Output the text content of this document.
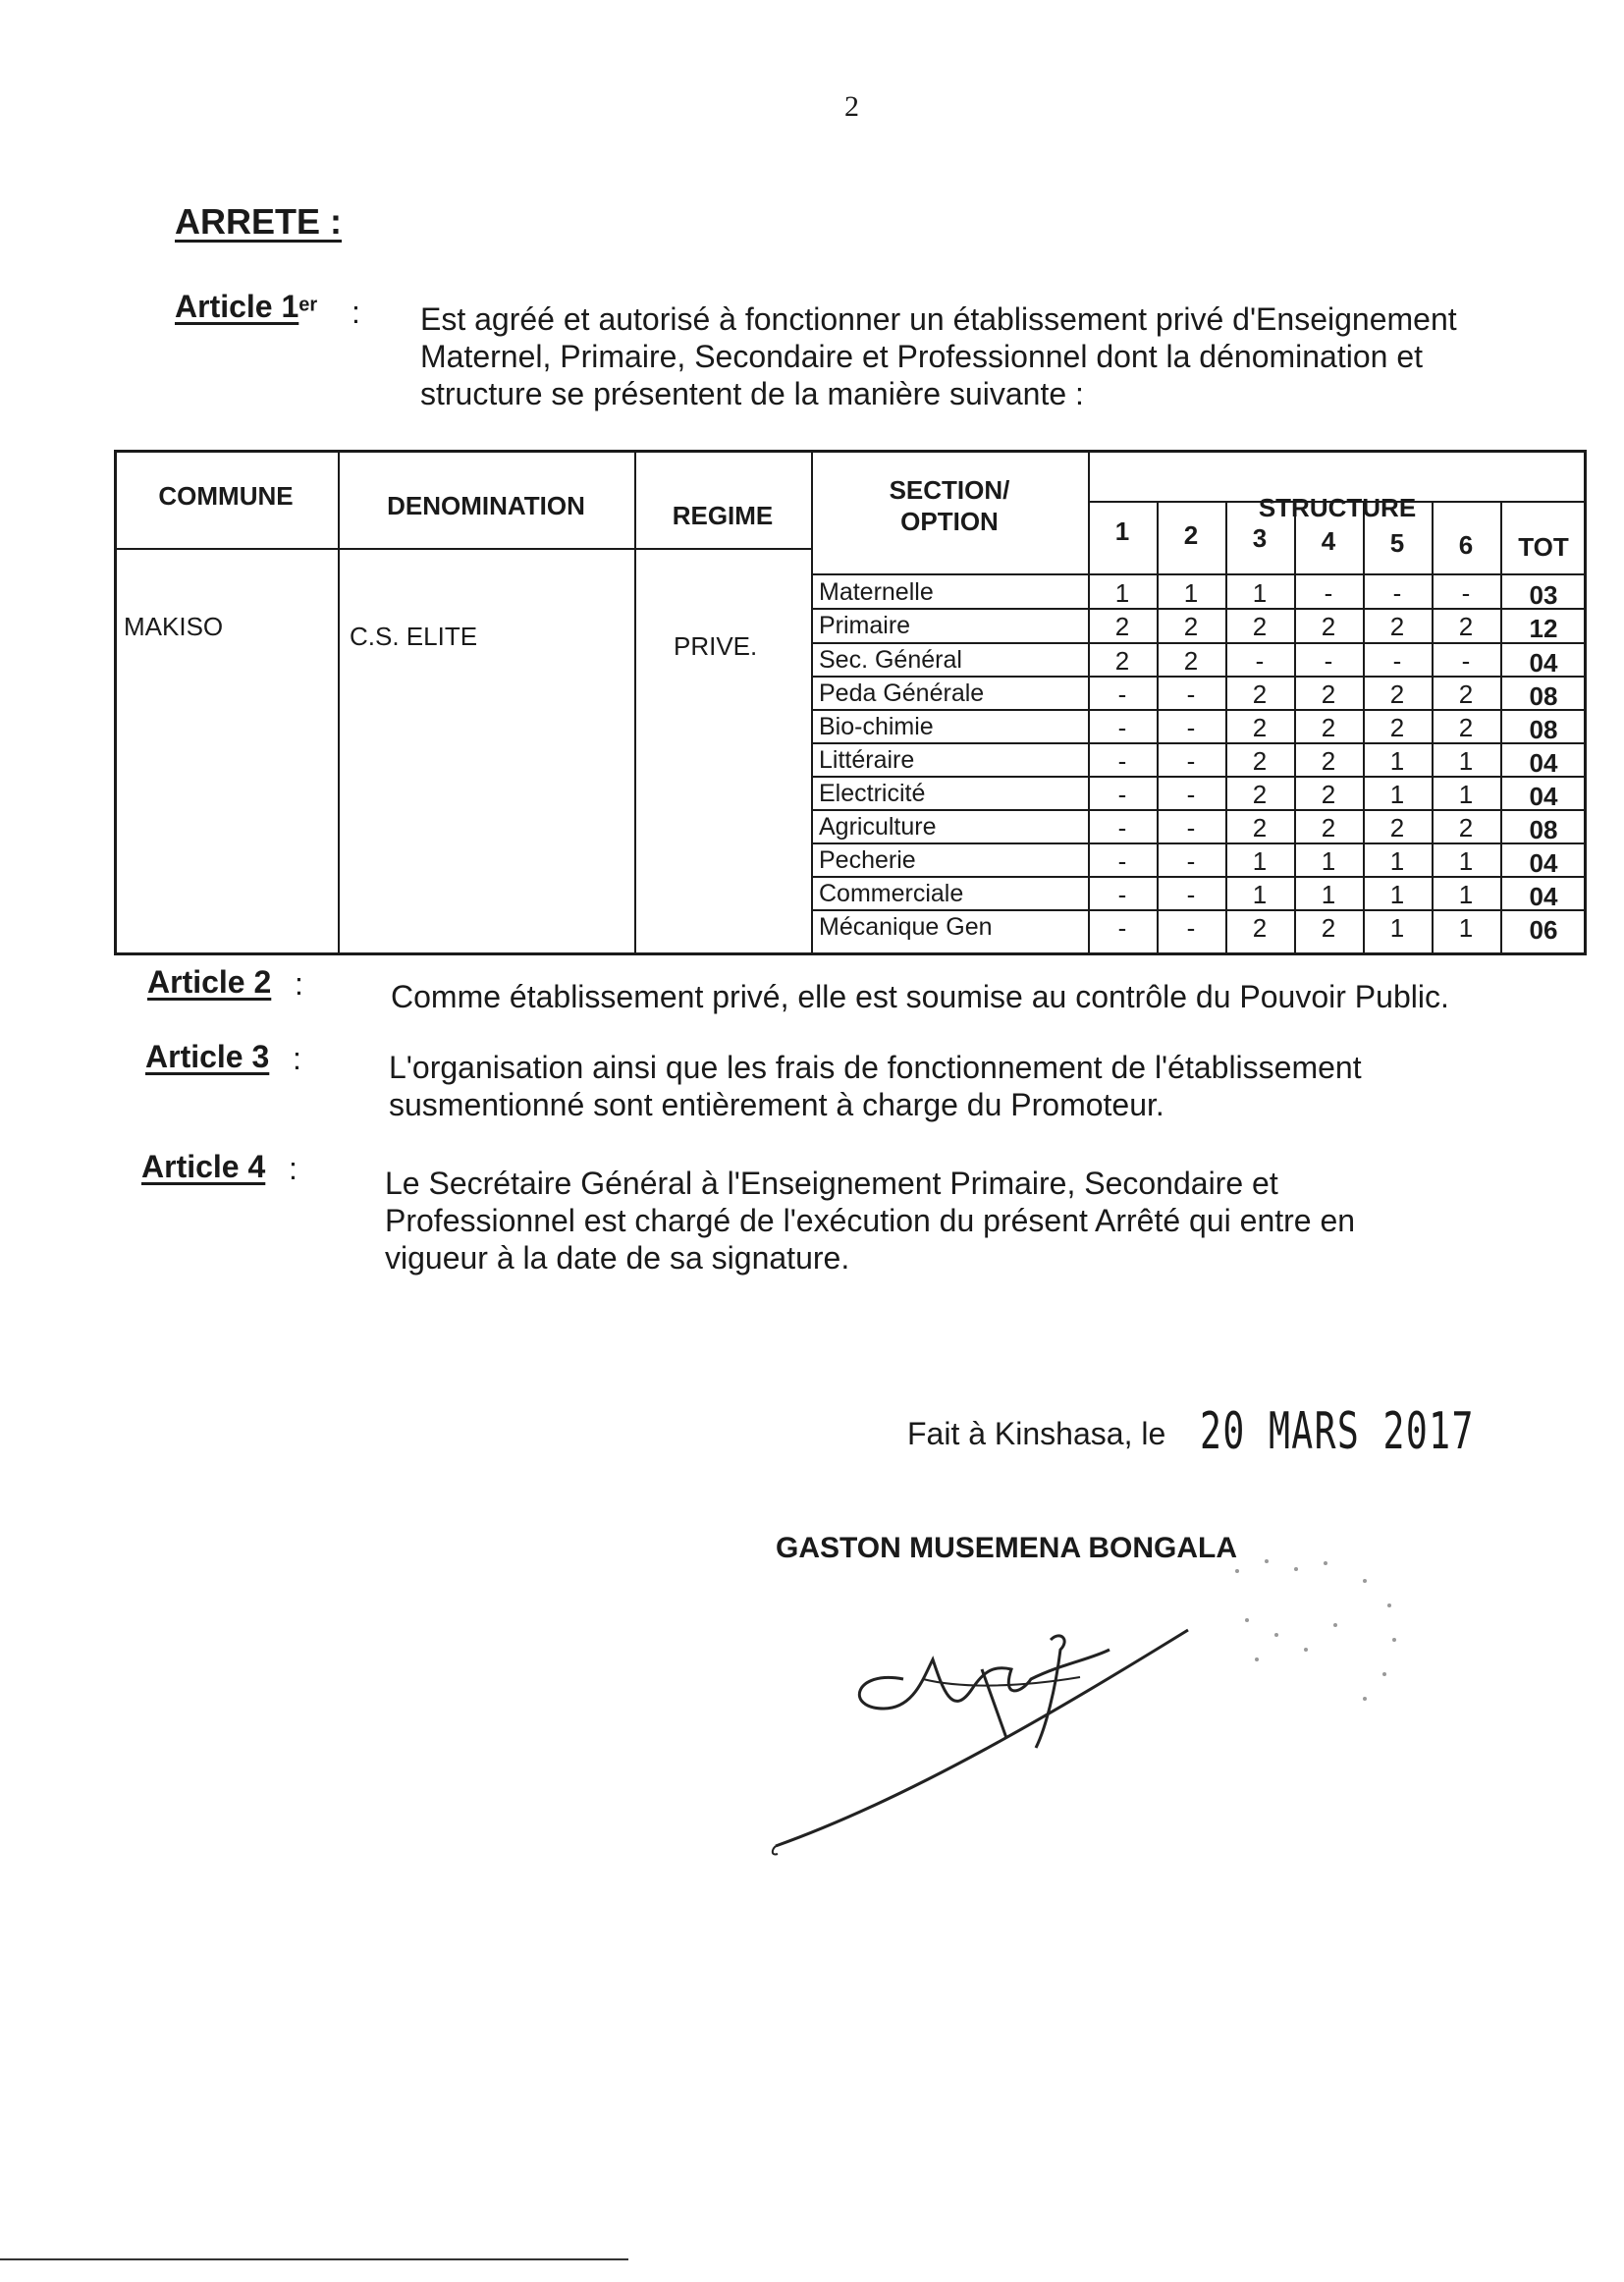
2
ARRETE :
Article 1er : Est agréé et autorisé à fonctionner un établissement privé d'Enseignement
Maternel, Primaire, Secondaire et Professionnel dont la dénomination et
structure se présentent de la manière suivante :
COMMUNE	DENOMINATION	REGIME
SECTION/
OPTION	STRUCTURE
1	2	3	4	5	6	TOT
MAKISO	C.S. ELITE	PRIVE.
Maternelle	1	1	1	-	-	-	03
Primaire	2	2	2	2	2	2	12
Sec. Général	2	2	-	-	-	-	04
Peda Générale	-	-	2	2	2	2	08
Bio-chimie	-	-	2	2	2	2	08
Littéraire	-	-	2	2	1	1	04
Electricité	-	-	2	2	1	1	04
Agriculture	-	-	2	2	2	2	08
Pecherie	-	-	1	1	1	1	04
Commerciale	-	-	1	1	1	1	04
Mécanique Gen	-	-	2	2	1	1	06
Article 2 :	Comme établissement privé, elle est soumise au contrôle du Pouvoir Public.
Article 3 :	L'organisation ainsi que les frais de fonctionnement de l'établissement
susmentionné sont entièrement à charge du Promoteur.
Article 4 :	Le Secrétaire Général à l'Enseignement Primaire, Secondaire et
Professionnel est chargé de l'exécution du présent Arrêté qui entre en
vigueur à la date de sa signature.
Fait à Kinshasa, le 20 MARS 2017
GASTON MUSEMENA BONGALA
